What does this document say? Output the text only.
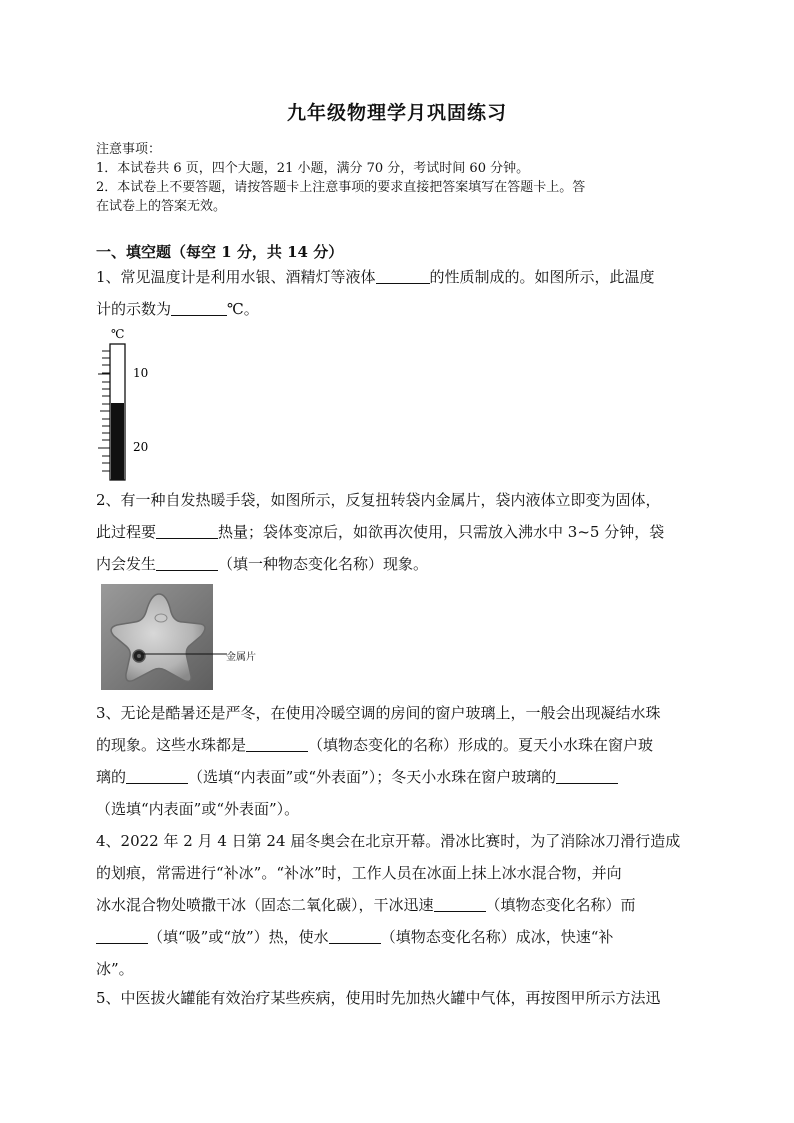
九年级物理学月巩固练习
注意事项：
1．本试卷共 6 页，四个大题，21 小题，满分 70 分，考试时间 60 分钟。
2．本试卷上不要答题，请按答题卡上注意事项的要求直接把答案填写在答题卡上。答
在试卷上的答案无效。
一、填空题（每空 1 分，共 14 分）
1、常见温度计是利用水银、酒精灯等液体	的性质制成的。如图所示，此温度
计的示数为	℃。
℃
10
20
2、有一种自发热暖手袋，如图所示，反复扭转袋内金属片，袋内液体立即变为固体，
此过程要	热量；袋体变凉后，如欲再次使用，只需放入沸水中 3~5 分钟，袋
内会发生	（填一种物态变化名称）现象。
金属片
3、无论是酷暑还是严冬，在使用冷暖空调的房间的窗户玻璃上，一般会出现凝结水珠
的现象。这些水珠都是	（填物态变化的名称）形成的。夏天小水珠在窗户玻
璃的	（选填“内表面”或“外表面”）；冬天小水珠在窗户玻璃的
（选填“内表面”或“外表面”）。
4、2022 年 2 月 4 日第 24 届冬奥会在北京开幕。滑冰比赛时，为了消除冰刀滑行造成
的划痕，常需进行“补冰”。“补冰”时，工作人员在冰面上抹上冰水混合物，并向
冰水混合物处喷撒干冰（固态二氧化碳），干冰迅速	（填物态变化名称）而
（填“吸”或“放”）热，使水	（填物态变化名称）成冰，快速“补
冰”。
5、中医拔火罐能有效治疗某些疾病，使用时先加热火罐中气体，再按图甲所示方法迅
